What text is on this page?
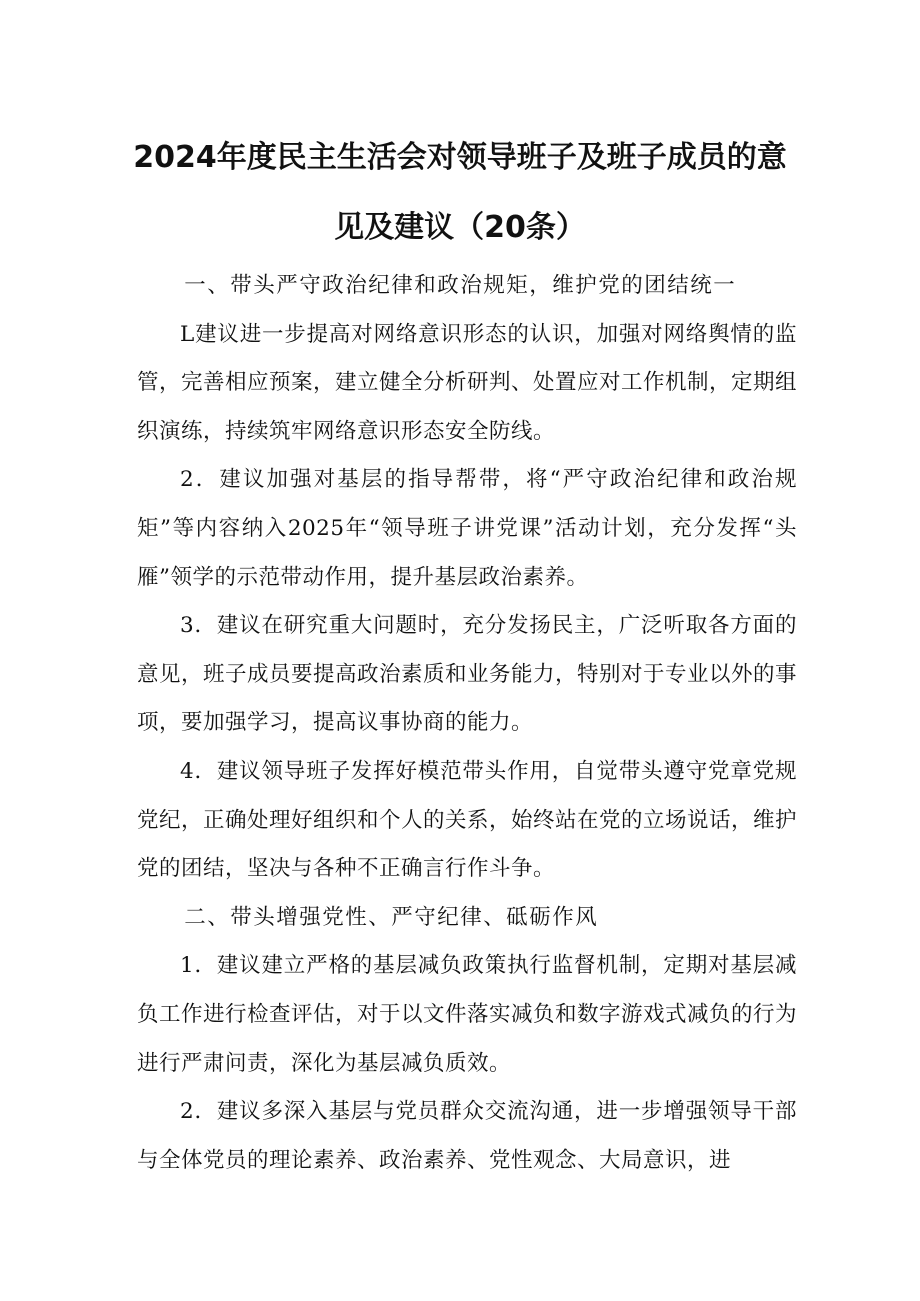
2024年度民主生活会对领导班子及班子成员的意
见及建议（20条）

一、带头严守政治纪律和政治规矩，维护党的团结统一

L建议进一步提高对网络意识形态的认识，加强对网络舆情的监管，完善相应预案，建立健全分析研判、处置应对工作机制，定期组织演练，持续筑牢网络意识形态安全防线。

2．建议加强对基层的指导帮带，将“严守政治纪律和政治规矩”等内容纳入2025年“领导班子讲党课”活动计划，充分发挥“头雁”领学的示范带动作用，提升基层政治素养。

3．建议在研究重大问题时，充分发扬民主，广泛听取各方面的意见，班子成员要提高政治素质和业务能力，特别对于专业以外的事项，要加强学习，提高议事协商的能力。

4．建议领导班子发挥好模范带头作用，自觉带头遵守党章党规党纪，正确处理好组织和个人的关系，始终站在党的立场说话，维护党的团结，坚决与各种不正确言行作斗争。

二、带头增强党性、严守纪律、砥砺作风

1．建议建立严格的基层减负政策执行监督机制，定期对基层减负工作进行检查评估，对于以文件落实减负和数字游戏式减负的行为进行严肃问责，深化为基层减负质效。

2．建议多深入基层与党员群众交流沟通，进一步增强领导干部与全体党员的理论素养、政治素养、党性观念、大局意识，进
